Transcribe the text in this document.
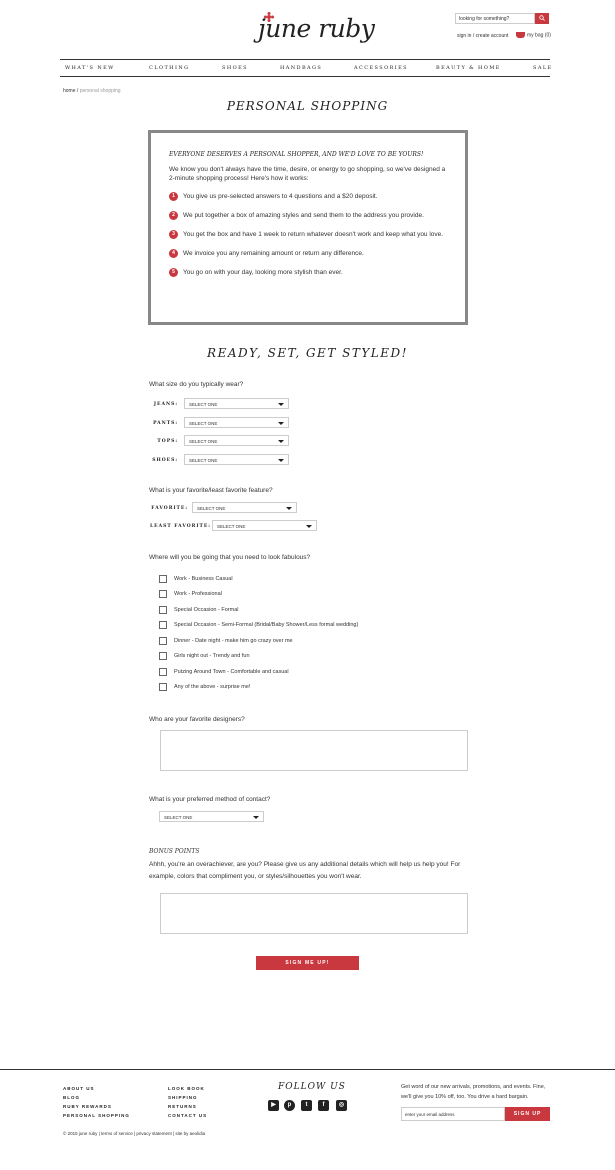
june ruby	looking for something?
sign in / create account	my bag (0)
WHAT'S NEW	CLOTHING	SHOES	HANDBAGS	ACCESSORIES	BEAUTY & HOME	SALE
home / personal shopping
PERSONAL SHOPPING
EVERYONE DESERVES A PERSONAL SHOPPER, AND WE'D LOVE TO BE YOURS!
We know you don't always have the time, desire, or energy to go shopping, so we've designed a 2-minute shopping process! Here's how it works:
1	You give us pre-selected answers to 4 questions and a $20 deposit.
2	We put together a box of amazing styles and send them to the address you provide.
3	You get the box and have 1 week to return whatever doesn't work and keep what you love.
4	We invoice you any remaining amount or return any difference.
5	You go on with your day, looking more stylish than ever.
READY, SET, GET STYLED!
What size do you typically wear?
JEANS:	SELECT ONE
PANTS:	SELECT ONE
TOPS:	SELECT ONE
SHOES:	SELECT ONE
What is your favorite/least favorite feature?
FAVORITE:	SELECT ONE
LEAST FAVORITE:	SELECT ONE
Where will you be going that you need to look fabulous?
Work - Business Casual
Work - Professional
Special Occasion - Formal
Special Occasion - Semi-Formal (Bridal/Baby Shower/Less formal wedding)
Dinner - Date night - make him go crazy over me
Girls night out - Trendy and fun
Putzing Around Town - Comfortable and casual
Any of the above - surprise me!
Who are your favorite designers?
What is your preferred method of contact?
SELECT ONE
BONUS POINTS
Ahhh, you're an overachiever, are you? Please give us any additional details which will help us help you! For example, colors that compliment you, or styles/silhouettes you won't wear.
SIGN ME UP!
ABOUT US
BLOG
RUBY REWARDS
PERSONAL SHOPPING
LOOK BOOK
SHIPPING
RETURNS
CONTACT US
FOLLOW US
▶	p	t	f	◎
Get word of our new arrivals, promotions, and events. Fine, we'll give you 10% off, too. You drive a hard bargain.
enter your email address	SIGN UP
© 2015 june ruby | terms of service | privacy statement | site by aeolidia
